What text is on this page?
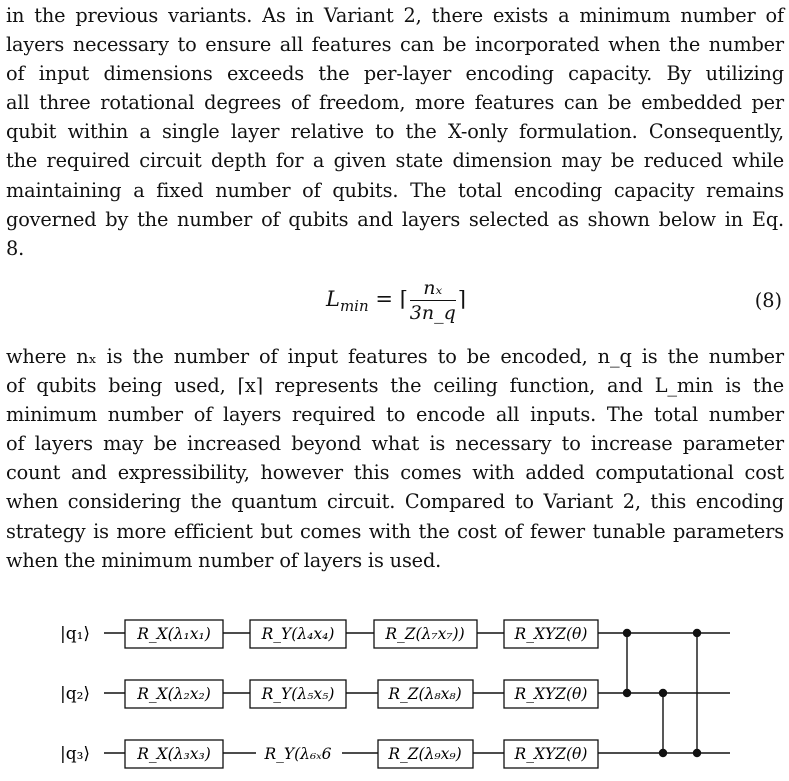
in the previous variants. As in Variant 2, there exists a minimum number of
layers necessary to ensure all features can be incorporated when the number
of input dimensions exceeds the per-layer encoding capacity. By utilizing
all three rotational degrees of freedom, more features can be embedded per
qubit within a single layer relative to the X-only formulation. Consequently,
the required circuit depth for a given state dimension may be reduced while
maintaining a fixed number of qubits. The total encoding capacity remains
governed by the number of qubits and layers selected as shown below in Eq.
8.
$L_{min}$ = ⌈ $\frac{\text{nₓ}}{3n\_q}$ ⌉	(8)
where nₓ is the number of input features to be encoded, n_q is the number
of qubits being used, ⌈x⌉ represents the ceiling function, and L_min is the
minimum number of layers required to encode all inputs. The total number
of layers may be increased beyond what is necessary to increase parameter
count and expressibility, however this comes with added computational cost
when considering the quantum circuit. Compared to Variant 2, this encoding
strategy is more efficient but comes with the cost of fewer tunable parameters
when the minimum number of layers is used.
|q₁⟩
|q₂⟩
|q₃⟩
R_X(λ₁x₁)	R_Y(λ₄x₄)	R_Z(λ₇x₇))	R_XYZ(θ)
R_X(λ₂x₂)	R_Y(λ₅x₅)	R_Z(λ₈x₈)	R_XYZ(θ)
R_X(λ₃x₃)	R_Y(λ₆ₓ6	R_Z(λ₉x₉)	R_XYZ(θ)
